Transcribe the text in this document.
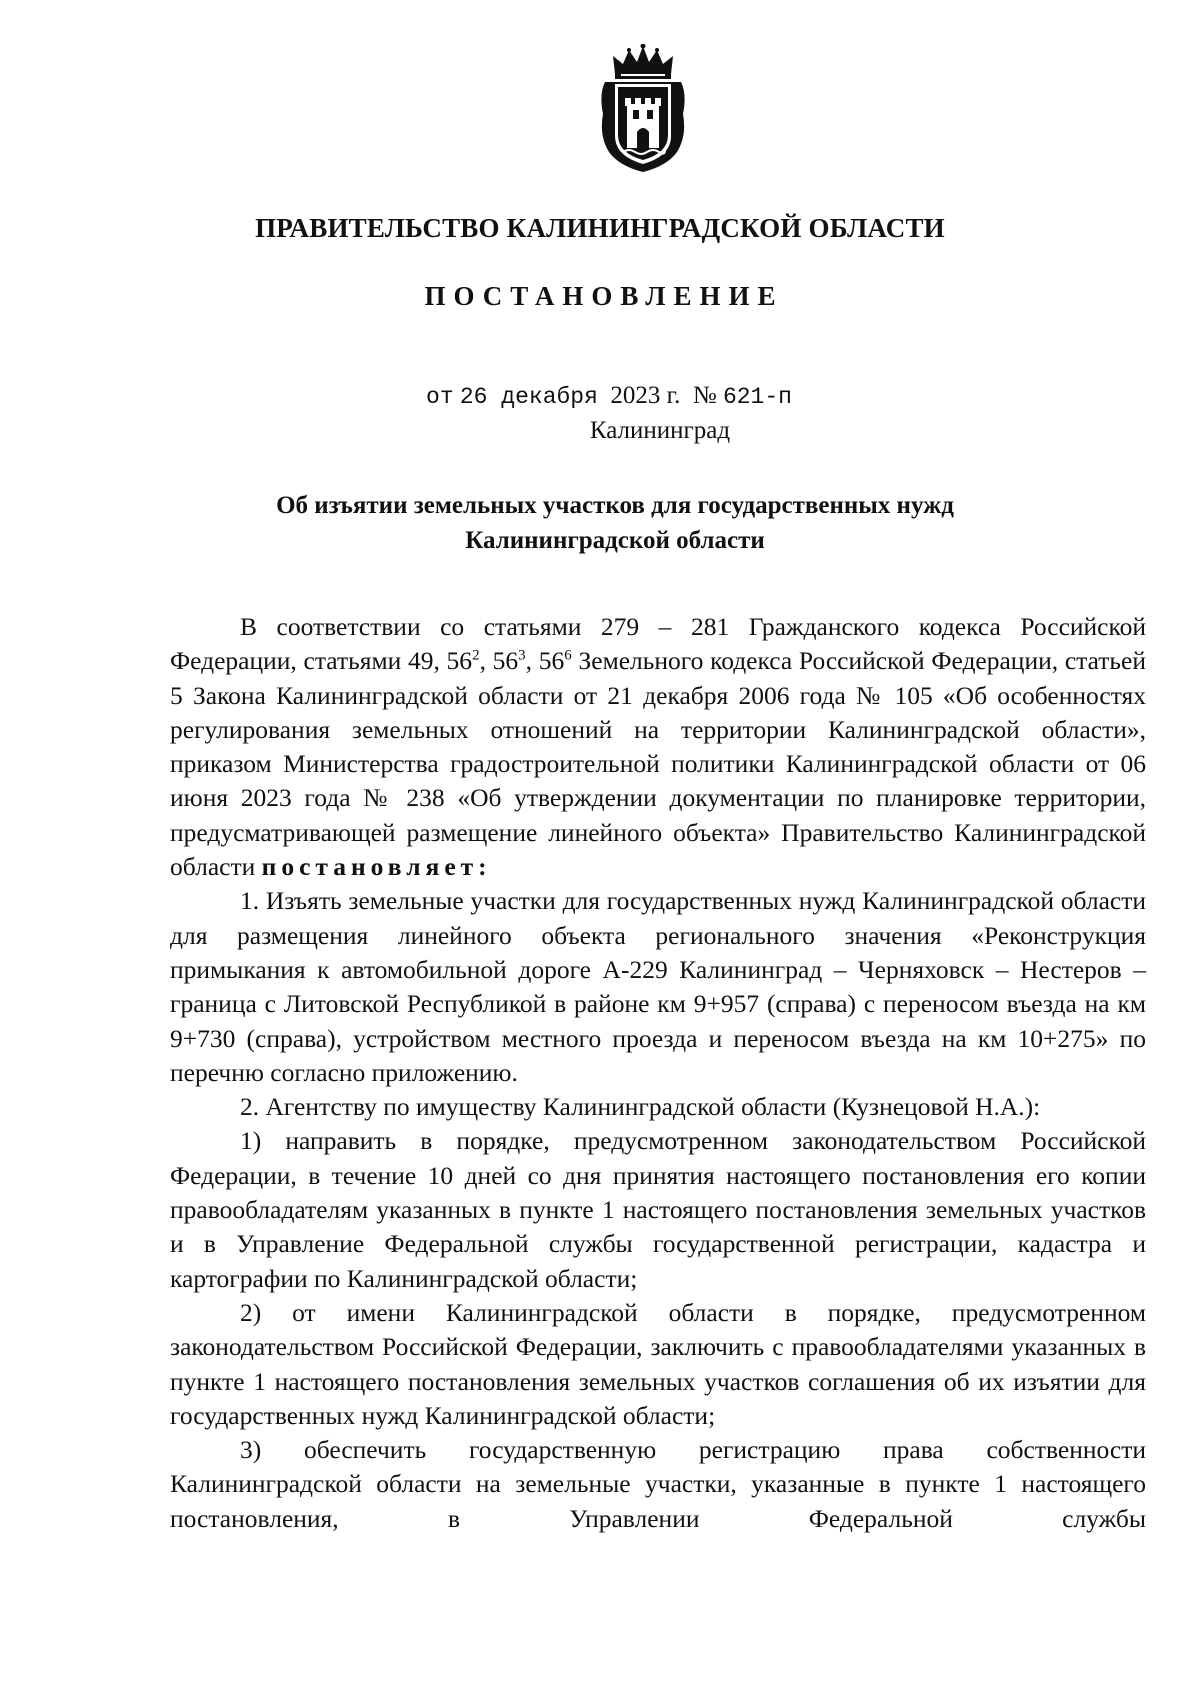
ПРАВИТЕЛЬСТВО КАЛИНИНГРАДСКОЙ ОБЛАСТИ
ПОСТАНОВЛЕНИЕ
от 26 декабря 2023 г. № 621-п
Калининград
Об изъятии земельных участков для государственных нужд
Калининградской области

В соответствии со статьями 279 – 281 Гражданского кодекса Российской Федерации, статьями 49, $56^2$, $56^3$, $56^6$ Земельного кодекса Российской Федерации, статьей 5 Закона Калининградской области от 21 декабря 2006 года № 105 «Об особенностях регулирования земельных отношений на территории Калининградской области», приказом Министерства градостроительной политики Калининградской области от 06 июня 2023 года № 238 «Об утверждении документации по планировке территории, предусматривающей размещение линейного объекта» Правительство Калининградской области постановляет:

1. Изъять земельные участки для государственных нужд Калининградской области для размещения линейного объекта регионального значения «Реконструкция примыкания к автомобильной дороге А-229 Калининград – Черняховск – Нестеров – граница с Литовской Республикой в районе км 9+957 (справа) с переносом въезда на км 9+730 (справа), устройством местного проезда и переносом въезда на км 10+275» по перечню согласно приложению.

2. Агентству по имуществу Калининградской области (Кузнецовой Н.А.):

1) направить в порядке, предусмотренном законодательством Российской Федерации, в течение 10 дней со дня принятия настоящего постановления его копии правообладателям указанных в пункте 1 настоящего постановления земельных участков и в Управление Федеральной службы государственной регистрации, кадастра и картографии по Калининградской области;

2) от имени Калининградской области в порядке, предусмотренном законодательством Российской Федерации, заключить с правообладателями указанных в пункте 1 настоящего постановления земельных участков соглашения об их изъятии для государственных нужд Калининградской области;

3) обеспечить государственную регистрацию права собственности Калининградской области на земельные участки, указанные в пункте 1 настоящего постановления, в Управлении Федеральной службы
